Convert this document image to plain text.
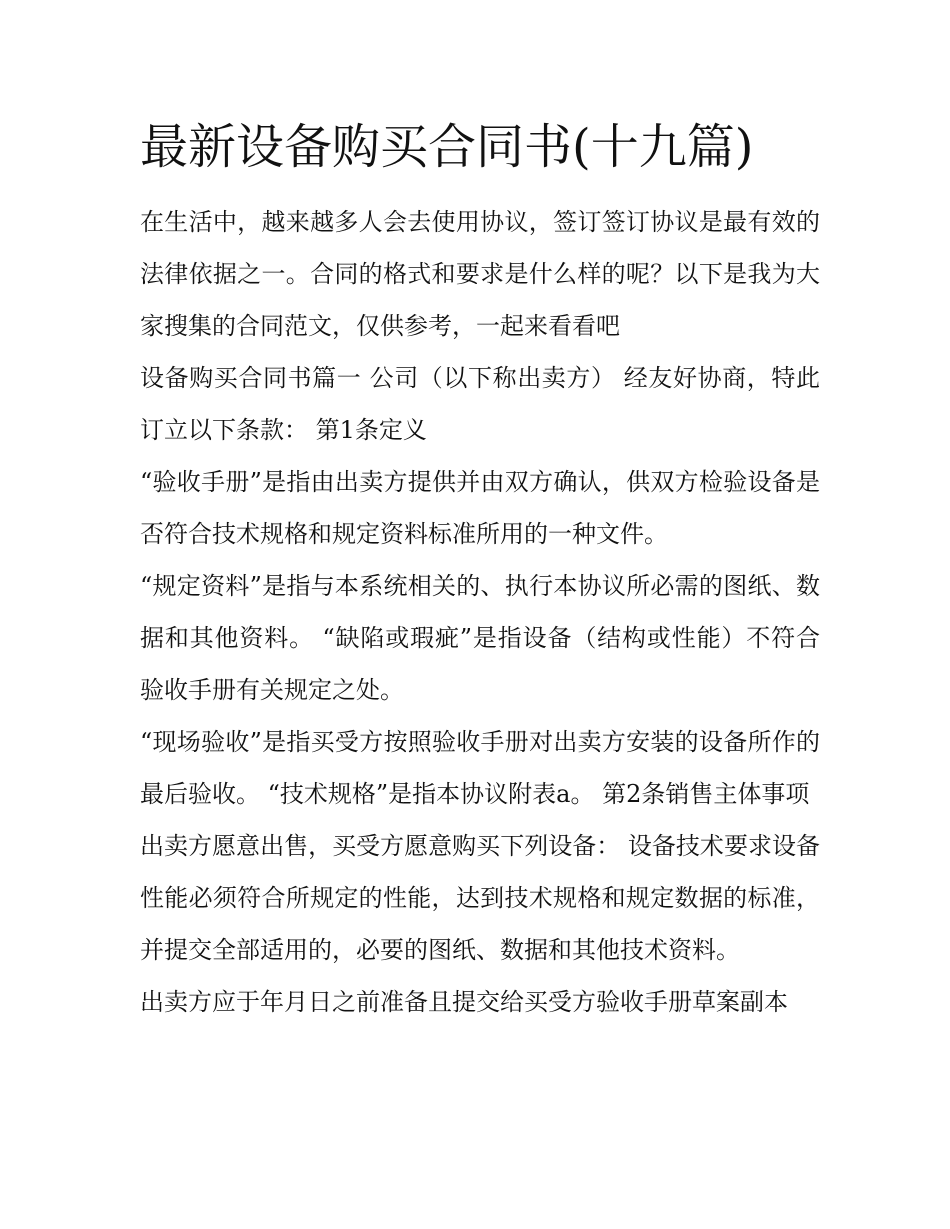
最新设备购买合同书(十九篇)

在生活中，越来越多人会去使用协议，签订签订协议是最有效的法律依据之一。合同的格式和要求是什么样的呢？以下是我为大家搜集的合同范文，仅供参考，一起来看看吧

设备购买合同书篇一 公司（以下称出卖方） 经友好协商，特此订立以下条款： 第1条定义

“验收手册”是指由出卖方提供并由双方确认，供双方检验设备是否符合技术规格和规定资料标准所用的一种文件。

“规定资料”是指与本系统相关的、执行本协议所必需的图纸、数据和其他资料。 “缺陷或瑕疵”是指设备（结构或性能）不符合验收手册有关规定之处。

“现场验收”是指买受方按照验收手册对出卖方安装的设备所作的最后验收。 “技术规格”是指本协议附表a。 第2条销售主体事项

出卖方愿意出售，买受方愿意购买下列设备： 设备技术要求设备性能必须符合所规定的性能，达到技术规格和规定数据的标准，并提交全部适用的，必要的图纸、数据和其他技术资料。

出卖方应于年月日之前准备且提交给买受方验收手册草案副本
